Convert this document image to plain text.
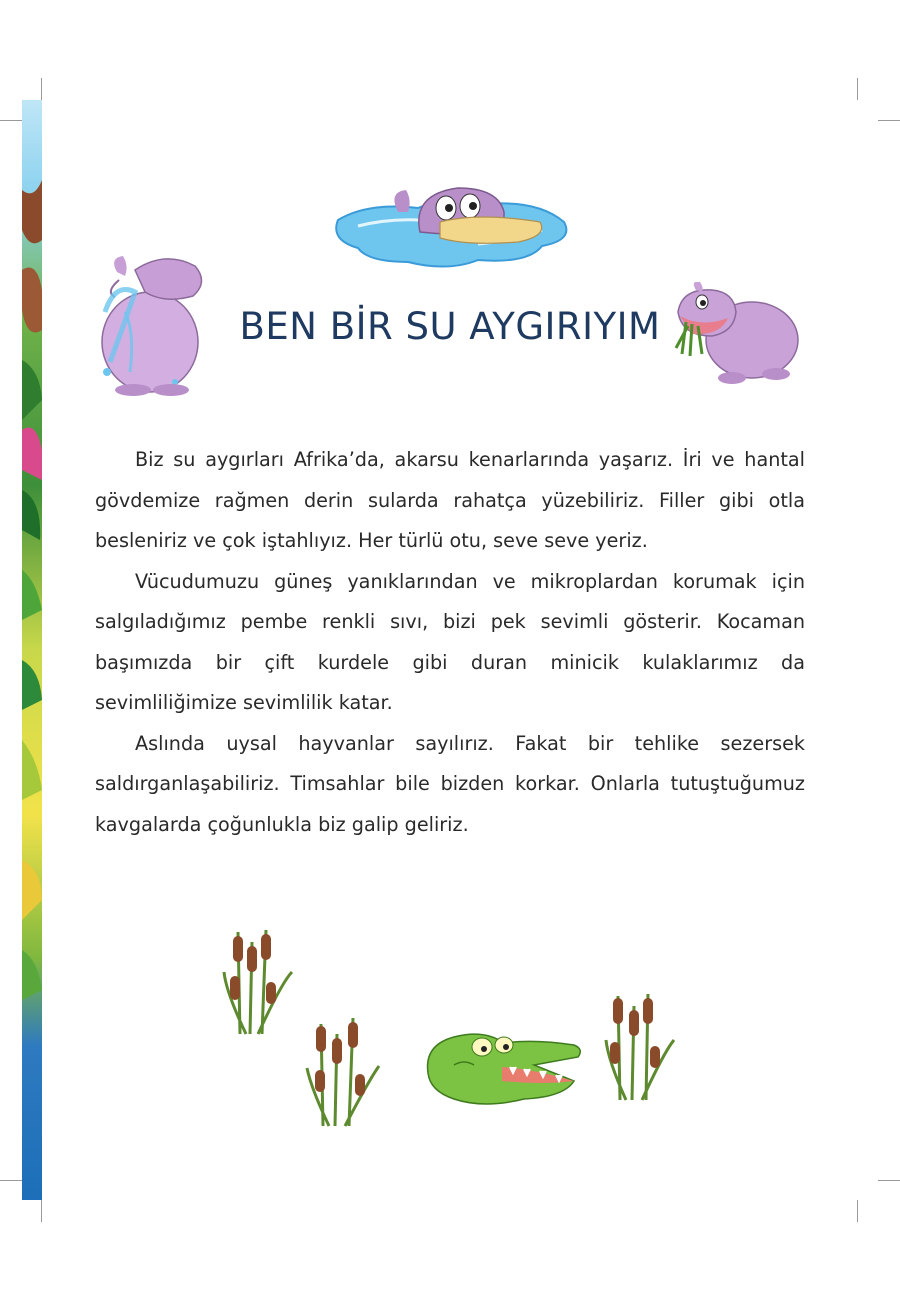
BEN BİR SU AYGIRIYIM

Biz su aygırları Afrika’da, akarsu kenarlarında yaşarız. İri ve hantal gövdemize rağmen derin sularda rahatça yüzebiliriz. Filler gibi otla besleniriz ve çok iştahlıyız. Her türlü otu, seve seve yeriz.

Vücudumuzu güneş yanıklarından ve mikroplardan korumak için salgıladığımız pembe renkli sıvı, bizi pek sevimli gösterir. Kocaman başımızda bir çift kurdele gibi duran minicik kulaklarımız da sevimliliğimize sevimlilik katar.

Aslında uysal hayvanlar sayılırız. Fakat bir tehlike sezersek saldırganlaşabiliriz. Timsahlar bile bizden korkar. Onlarla tutuştuğumuz kavgalarda çoğunlukla biz galip geliriz.
